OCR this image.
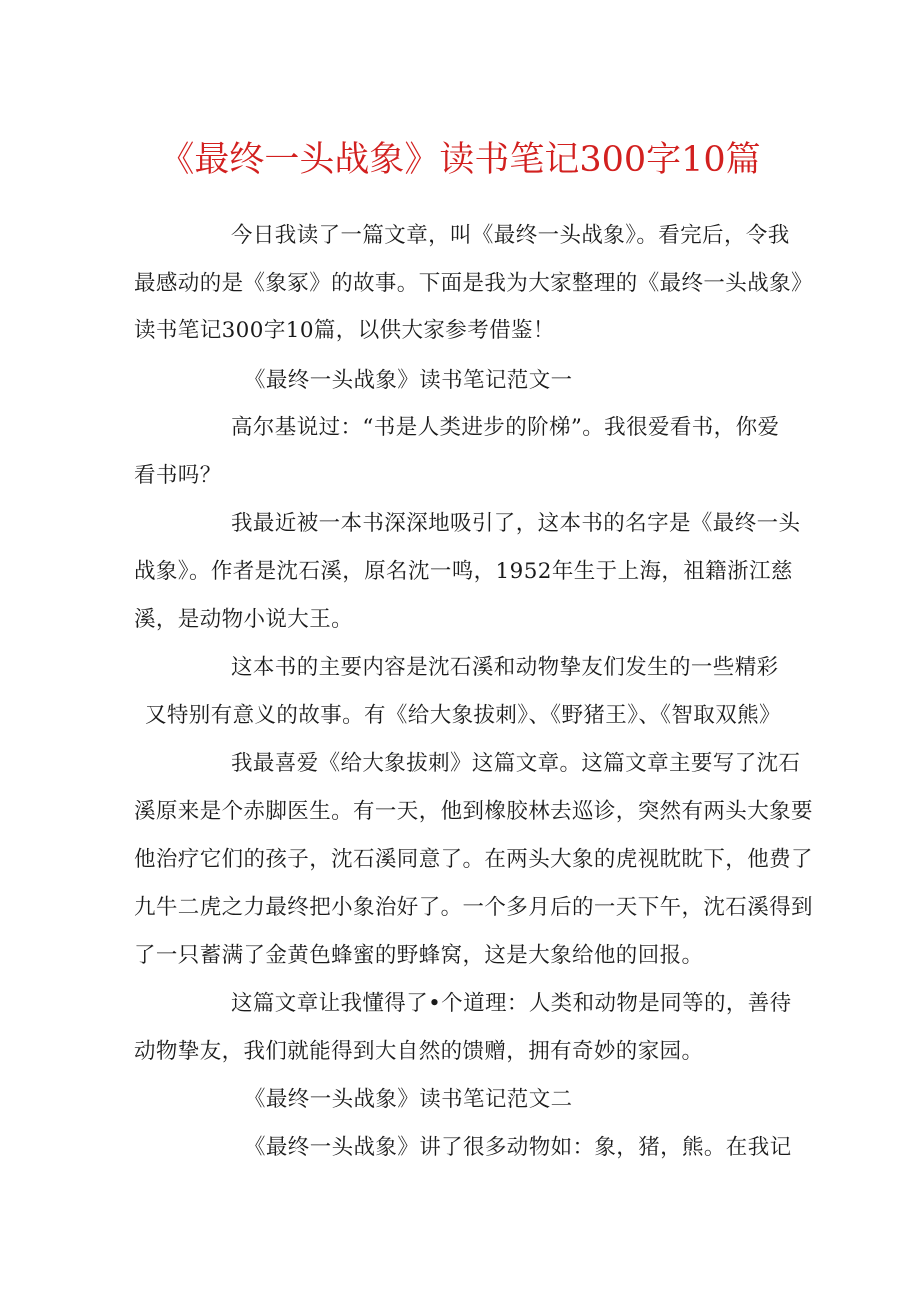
《最终一头战象》读书笔记300字10篇
今日我读了一篇文章，叫《最终一头战象》。看完后，令我
最感动的是《象冢》的故事。下面是我为大家整理的《最终一头战象》
读书笔记300字10篇，以供大家参考借鉴！
《最终一头战象》读书笔记范文一
高尔基说过：“书是人类进步的阶梯”。我很爱看书，你爱
看书吗？
我最近被一本书深深地吸引了，这本书的名字是《最终一头
战象》。作者是沈石溪，原名沈一鸣，1952年生于上海，祖籍浙江慈
溪，是动物小说大王。
这本书的主要内容是沈石溪和动物挚友们发生的一些精彩
又特别有意义的故事。有《给大象拔刺》、《野猪王》、《智取双熊》
我最喜爱《给大象拔刺》这篇文章。这篇文章主要写了沈石
溪原来是个赤脚医生。有一天，他到橡胶林去巡诊，突然有两头大象要
他治疗它们的孩子，沈石溪同意了。在两头大象的虎视眈眈下，他费了
九牛二虎之力最终把小象治好了。一个多月后的一天下午，沈石溪得到
了一只蓄满了金黄色蜂蜜的野蜂窝，这是大象给他的回报。
这篇文章让我懂得了•个道理：人类和动物是同等的，善待
动物挚友，我们就能得到大自然的馈赠，拥有奇妙的家园。
《最终一头战象》读书笔记范文二
《最终一头战象》讲了很多动物如：象，猪，熊。在我记
